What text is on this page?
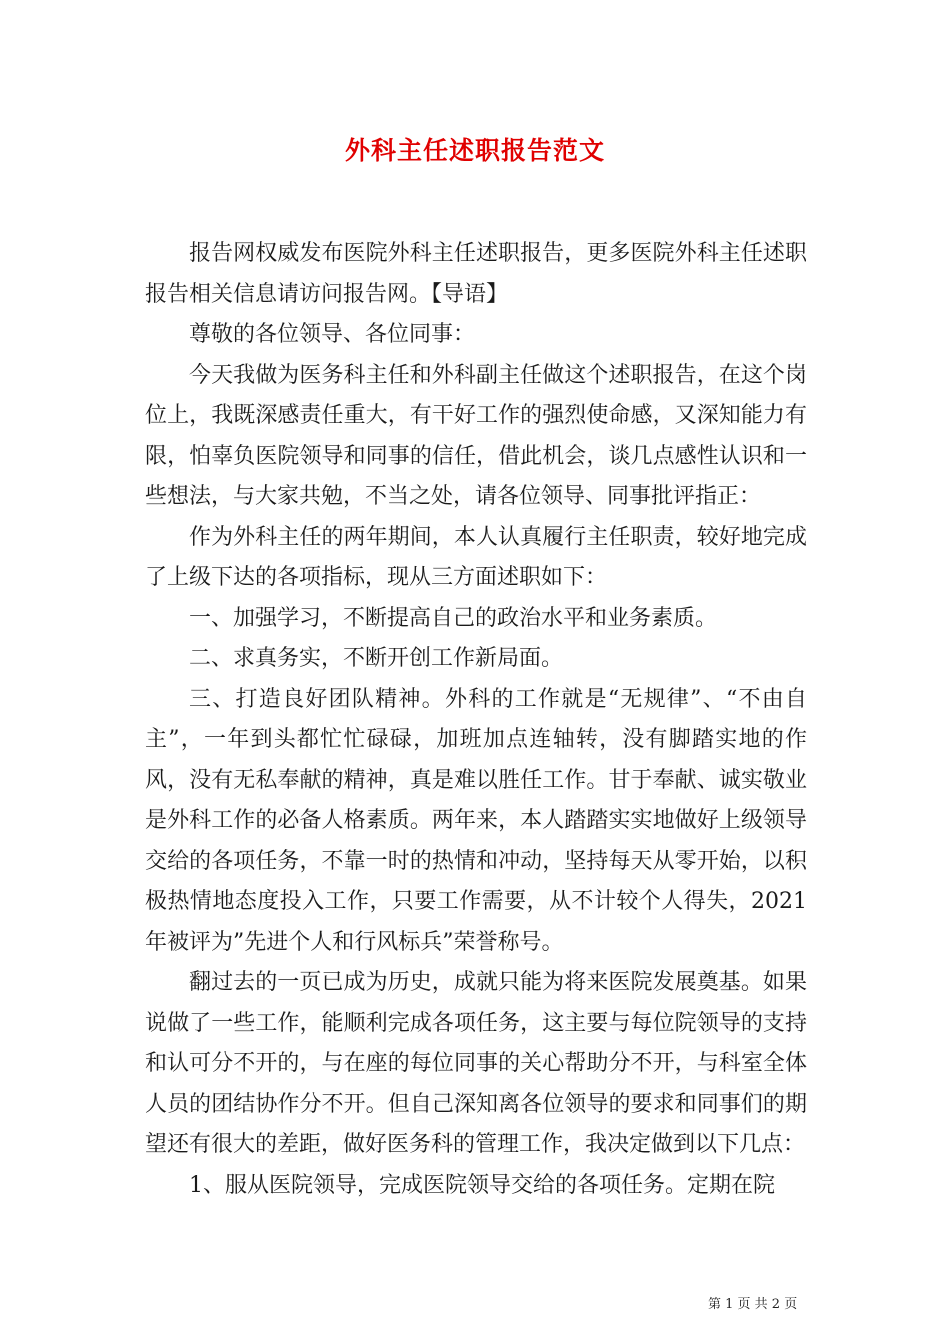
外科主任述职报告范文

报告网权威发布医院外科主任述职报告，更多医院外科主任述职报告相关信息请访问报告网。【导语】

尊敬的各位领导、各位同事：

今天我做为医务科主任和外科副主任做这个述职报告，在这个岗位上，我既深感责任重大，有干好工作的强烈使命感，又深知能力有限，怕辜负医院领导和同事的信任，借此机会，谈几点感性认识和一些想法，与大家共勉，不当之处，请各位领导、同事批评指正：

作为外科主任的两年期间，本人认真履行主任职责，较好地完成了上级下达的各项指标，现从三方面述职如下：

一、加强学习，不断提高自己的政治水平和业务素质。

二、求真务实，不断开创工作新局面。

三、打造良好团队精神。外科的工作就是“无规律”、“不由自主”，一年到头都忙忙碌碌，加班加点连轴转，没有脚踏实地的作风，没有无私奉献的精神，真是难以胜任工作。甘于奉献、诚实敬业是外科工作的必备人格素质。两年来，本人踏踏实实地做好上级领导交给的各项任务，不靠一时的热情和冲动，坚持每天从零开始，以积极热情地态度投入工作，只要工作需要，从不计较个人得失，2021年被评为”先进个人和行风标兵”荣誉称号。

翻过去的一页已成为历史，成就只能为将来医院发展奠基。如果说做了一些工作，能顺利完成各项任务，这主要与每位院领导的支持和认可分不开的，与在座的每位同事的关心帮助分不开，与科室全体人员的团结协作分不开。但自己深知离各位领导的要求和同事们的期望还有很大的差距，做好医务科的管理工作，我决定做到以下几点：

1、服从医院领导，完成医院领导交给的各项任务。定期在院

第 1 页 共 2 页
